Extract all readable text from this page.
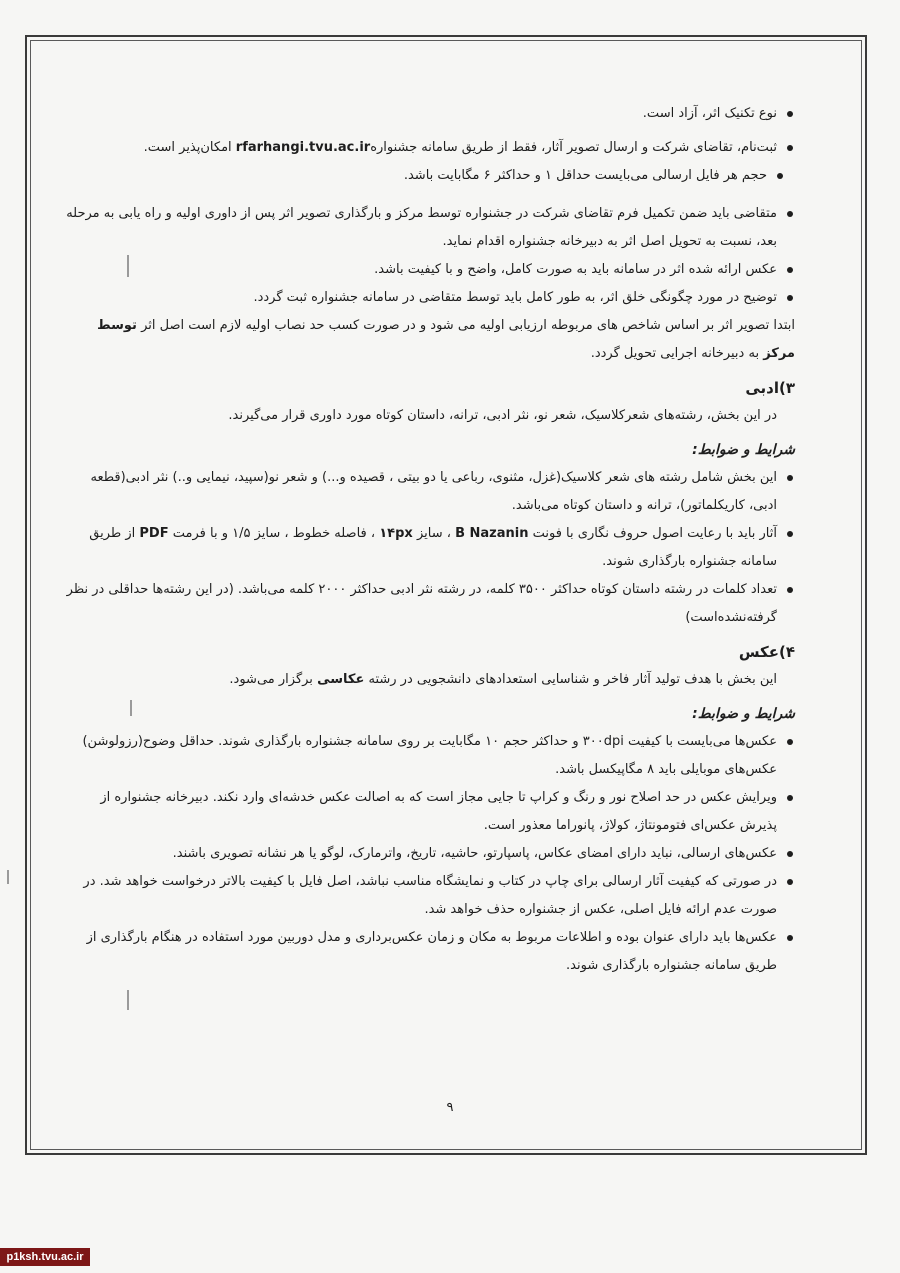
نوع تکنیک اثر، آزاد است.
ثبت‌نام، تقاضای شرکت و ارسال تصویر آثار، فقط از طریق سامانه جشنوارهrfarhangi.tvu.ac.ir امکان‌پذیر است.
حجم هر فایل ارسالی می‌بایست حداقل ۱ و حداکثر ۶ مگابایت باشد.
متقاضی باید ضمن تکمیل فرم تقاضای شرکت در جشنواره توسط مرکز و بارگذاری تصویر اثر پس از داوری اولیه و راه یابی به مرحله بعد، نسبت به تحویل اصل اثر به دبیرخانه جشنواره اقدام نماید.
عکس ارائه شده اثر در سامانه باید به صورت کامل، واضح و با کیفیت باشد.
توضیح در مورد چگونگی خلق اثر، به طور کامل باید توسط متقاضی در سامانه جشنواره ثبت گردد.

ابتدا تصویر اثر بر اساس شاخص های مربوطه ارزیابی اولیه می شود و در صورت کسب حد نصاب اولیه لازم است اصل اثر توسط مرکز به دبیرخانه اجرایی تحویل گردد.

۳)ادبی
در این بخش، رشته‌های شعرکلاسیک، شعر نو، نثر ادبی، ترانه، داستان کوتاه مورد داوری قرار می‌گیرند.
شرایط و ضوابط:
این بخش شامل رشته های شعر کلاسیک(غزل، مثنوی، رباعی یا دو بیتی ، قصیده و...) و شعر نو(سپید، نیمایی و..) نثر ادبی(قطعه ادبی، کاریکلماتور)، ترانه و داستان کوتاه می‌باشد.
آثار باید با رعایت اصول حروف نگاری با فونت B Nazanin ، سایز ۱۴px ، فاصله خطوط ، سایز ۱/۵ و با فرمت PDF از طریق سامانه جشنواره بارگذاری شوند.
تعداد کلمات در رشته داستان کوتاه حداکثر ۳۵۰۰ کلمه، در رشته نثر ادبی حداکثر ۲۰۰۰ کلمه می‌باشد. (در این رشته‌ها حداقلی در نظر گرفته‌نشده‌است)
۴)عکس
این بخش با هدف تولید آثار فاخر و شناسایی استعدادهای دانشجویی در رشته عکاسی برگزار می‌شود.
شرایط و ضوابط:
عکس‌ها می‌بایست با کیفیت ۳۰۰dpi و حداکثر حجم ۱۰ مگابایت بر روی سامانه جشنواره بارگذاری شوند. حداقل وضوح(رزولوشن) عکس‌های موبایلی باید ۸ مگاپیکسل باشد.
ویرایش عکس در حد اصلاح نور و رنگ و کراپ تا جایی مجاز است که به اصالت عکس خدشه‌ای وارد نکند. دبیرخانه جشنواره از پذیرش عکس‌ای فتومونتاژ، کولاژ، پانوراما معذور است.
عکس‌های ارسالی، نباید دارای امضای عکاس، پاسپارتو، حاشیه، تاریخ، واترمارک، لوگو یا هر نشانه تصویری باشند.
در صورتی که کیفیت آثار ارسالی برای چاپ در کتاب و نمایشگاه مناسب نباشد، اصل فایل با کیفیت بالاتر درخواست خواهد شد. در صورت عدم ارائه فایل اصلی، عکس از جشنواره حذف خواهد شد.
عکس‌ها باید دارای عنوان بوده و اطلاعات مربوط به مکان و زمان عکس‌برداری و مدل دوربین مورد استفاده در هنگام بارگذاری از طریق سامانه جشنواره بارگذاری شوند.
۹
p1ksh.tvu.ac.ir
